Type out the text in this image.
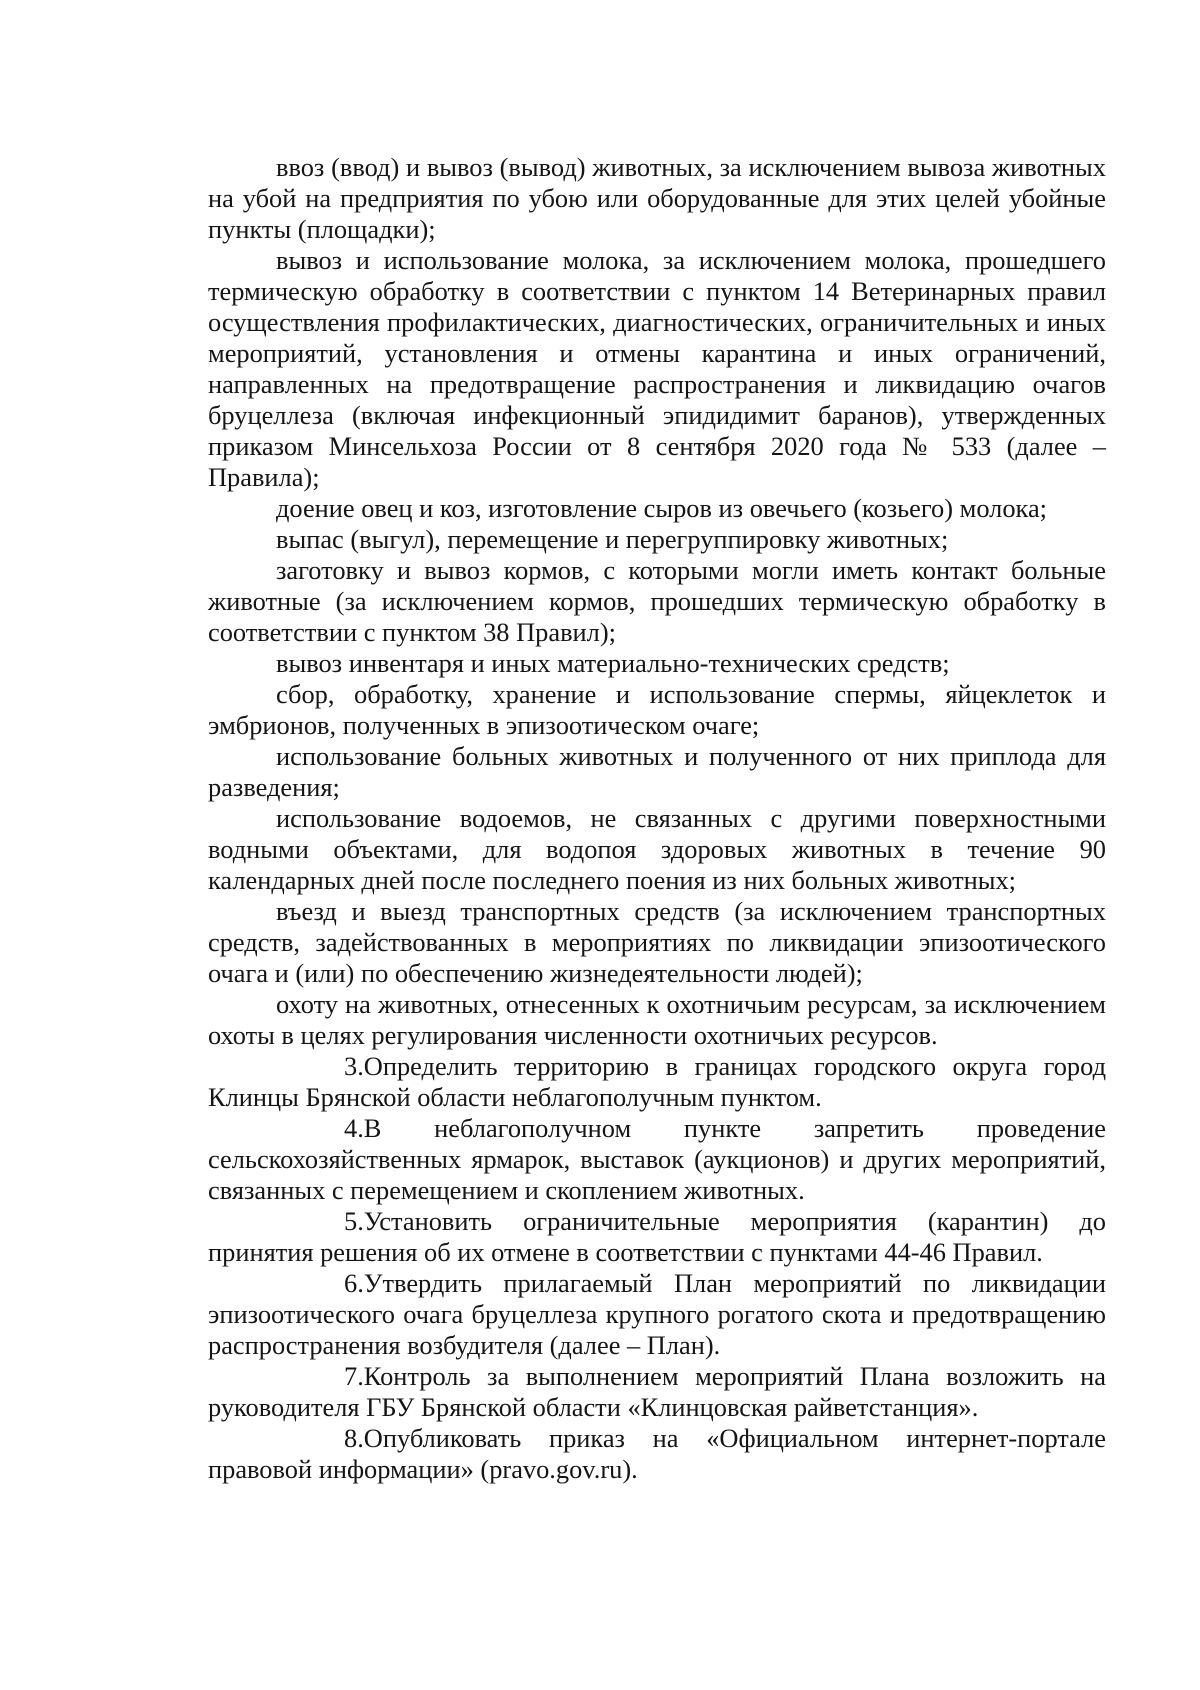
ввоз (ввод) и вывоз (вывод) животных, за исключением вывоза животных на убой на предприятия по убою или оборудованные для этих целей убойные пункты (площадки);

вывоз и использование молока, за исключением молока, прошедшего термическую обработку в соответствии с пунктом 14 Ветеринарных правил осуществления профилактических, диагностических, ограничительных и иных мероприятий, установления и отмены карантина и иных ограничений, направленных на предотвращение распространения и ликвидацию очагов бруцеллеза (включая инфекционный эпидидимит баранов), утвержденных приказом Минсельхоза России от 8 сентября 2020 года № 533 (далее – Правила);

доение овец и коз, изготовление сыров из овечьего (козьего) молока;

выпас (выгул), перемещение и перегруппировку животных;

заготовку и вывоз кормов, с которыми могли иметь контакт больные животные (за исключением кормов, прошедших термическую обработку в соответствии с пунктом 38 Правил);

вывоз инвентаря и иных материально-технических средств;

сбор, обработку, хранение и использование спермы, яйцеклеток и эмбрионов, полученных в эпизоотическом очаге;

использование больных животных и полученного от них приплода для разведения;

использование водоемов, не связанных с другими поверхностными водными объектами, для водопоя здоровых животных в течение 90 календарных дней после последнего поения из них больных животных;

въезд и выезд транспортных средств (за исключением транспортных средств, задействованных в мероприятиях по ликвидации эпизоотического очага и (или) по обеспечению жизнедеятельности людей);

охоту на животных, отнесенных к охотничьим ресурсам, за исключением охоты в целях регулирования численности охотничьих ресурсов.

3.Определить территорию в границах городского округа город Клинцы Брянской области неблагополучным пунктом.

4.В неблагополучном пункте запретить проведение сельскохозяйственных ярмарок, выставок (аукционов) и других мероприятий, связанных с перемещением и скоплением животных.

5.Установить ограничительные мероприятия (карантин) до принятия решения об их отмене в соответствии с пунктами 44-46 Правил.

6.Утвердить прилагаемый План мероприятий по ликвидации эпизоотического очага бруцеллеза крупного рогатого скота и предотвращению распространения возбудителя (далее – План).

7.Контроль за выполнением мероприятий Плана возложить на руководителя ГБУ Брянской области «Клинцовская райветстанция».

8.Опубликовать приказ на «Официальном интернет-портале правовой информации» (pravo.gov.ru).
